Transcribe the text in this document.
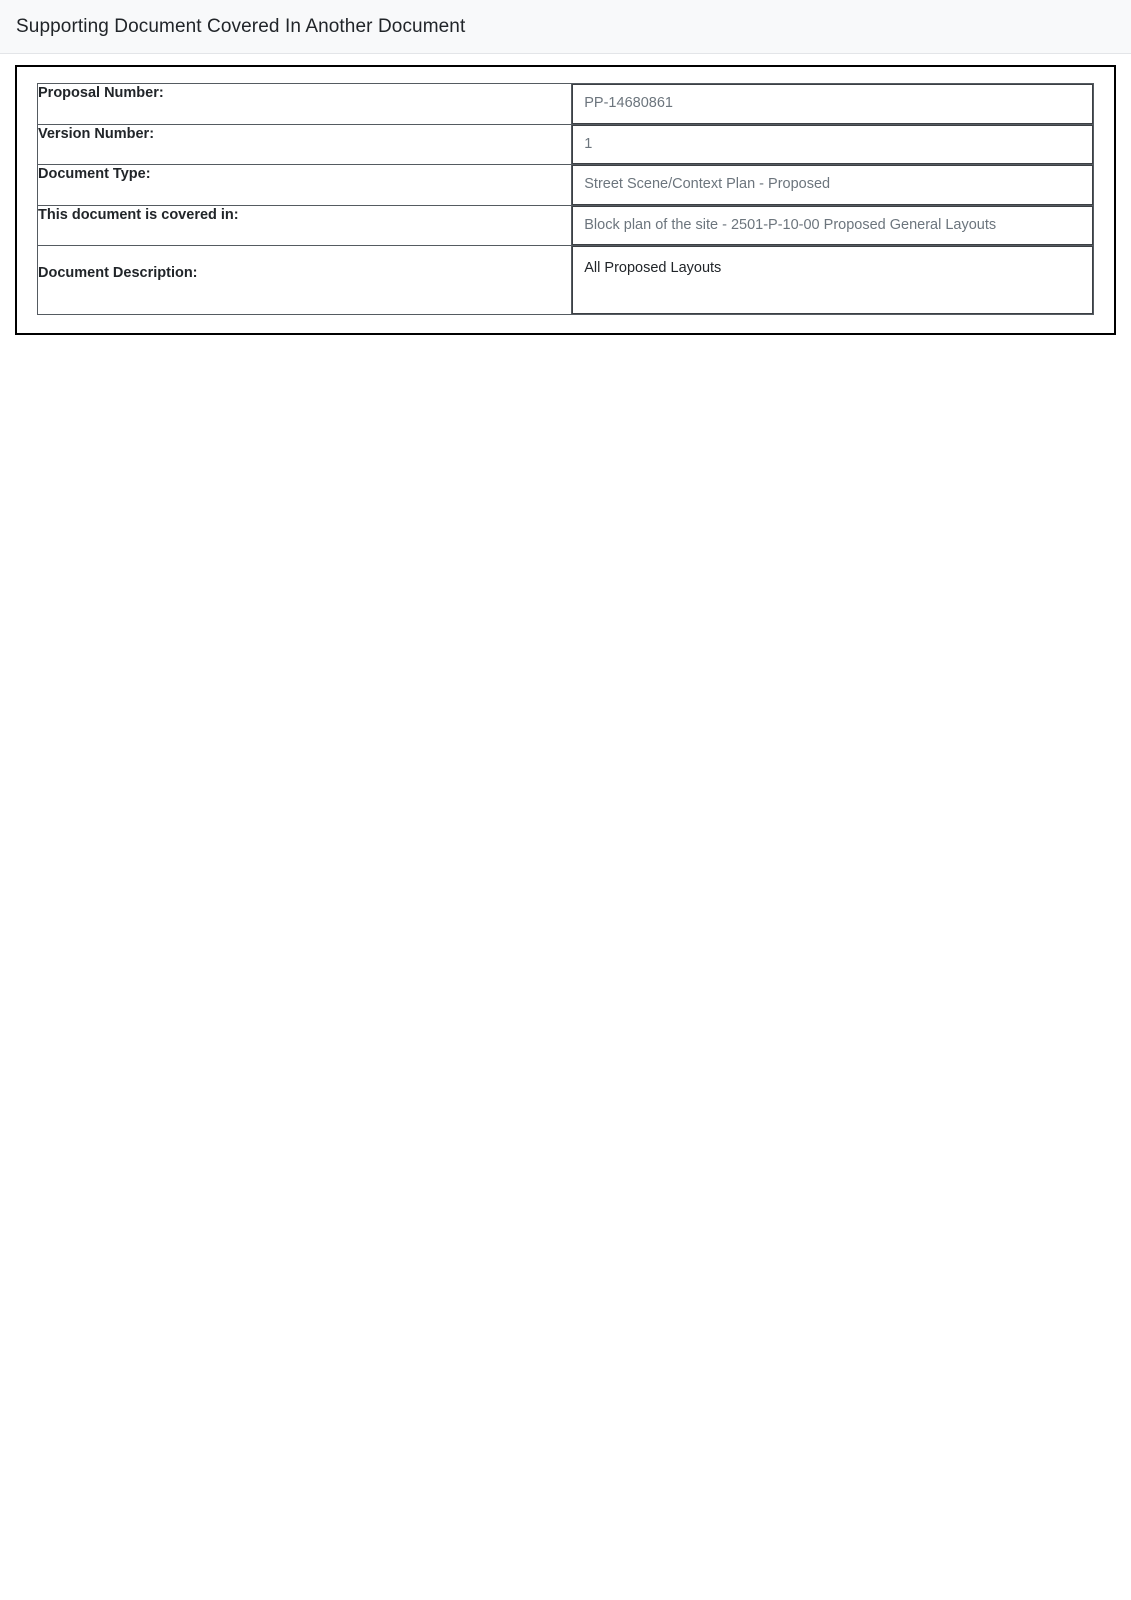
Supporting Document Covered In Another Document
Proposal Number:	PP-14680861

Version Number:	1

Document Type:	Street Scene/Context Plan - Proposed

This document is covered in:	Block plan of the site - 2501-P-10-00 Proposed General Layouts

Document Description:	All Proposed Layouts
